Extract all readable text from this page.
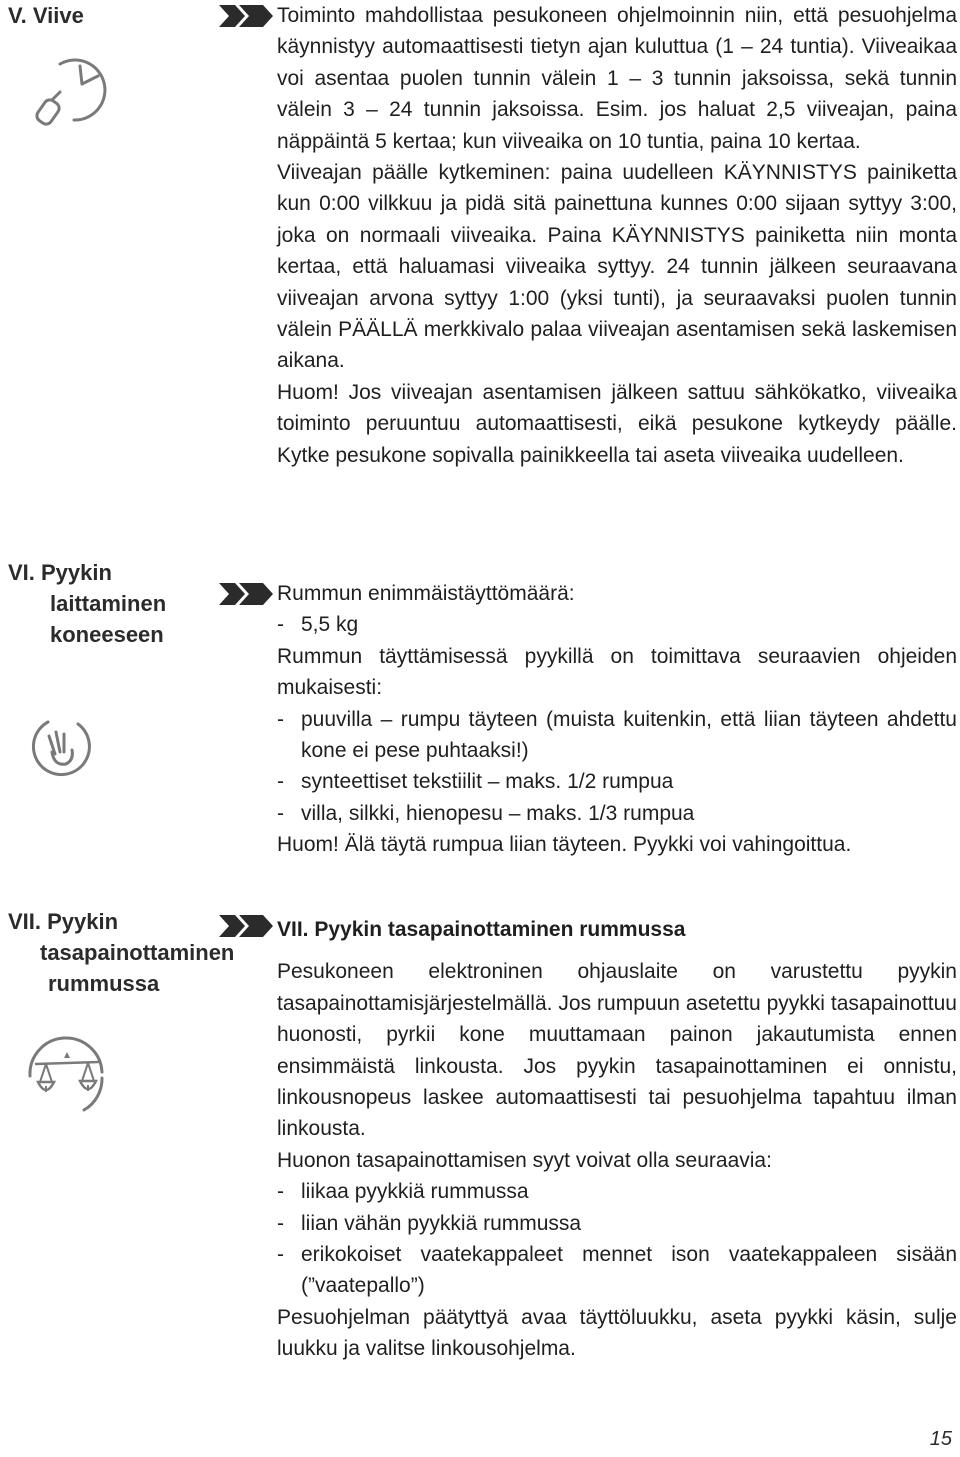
V. Viive	Toiminto mahdollistaa pesukoneen ohjelmoinnin niin, että pesuohjelma käynnistyy automaattisesti tietyn ajan kuluttua (1 – 24 tuntia). Viiveaikaa voi asentaa puolen tunnin välein 1 – 3 tunnin jaksoissa, sekä tunnin välein 3 – 24 tunnin jaksoissa. Esim. jos haluat 2,5 viiveajan, paina näppäintä 5 kertaa; kun viiveaika on 10 tuntia, paina 10 kertaa.

Viiveajan päälle kytkeminen: paina uudelleen KÄYNNISTYS painiketta kun 0:00 vilkkuu ja pidä sitä painettuna kunnes 0:00 sijaan syttyy 3:00, joka on normaali viiveaika. Paina KÄYNNISTYS painiketta niin monta kertaa, että haluamasi viiveaika syttyy. 24 tunnin jälkeen seuraavana viiveajan arvona syttyy 1:00 (yksi tunti), ja seuraavaksi puolen tunnin välein PÄÄLLÄ merkkivalo palaa viiveajan asentamisen sekä laskemisen aikana.

Huom! Jos viiveajan asentamisen jälkeen sattuu sähkökatko, viiveaika toiminto peruuntuu automaattisesti, eikä pesukone kytkeydy päälle. Kytke pesukone sopivalla painikkeella tai aseta viiveaika uudelleen.

VI. Pyykin
laittaminen
koneeseen

Rummun enimmäistäyttömäärä:

- 5,5 kg

Rummun täyttämisessä pyykillä on toimittava seuraavien ohjeiden mukaisesti:

- puuvilla – rumpu täyteen (muista kuitenkin, että liian täyteen ahdettu kone ei pese puhtaaksi!)
- synteettiset tekstiilit – maks. 1/2 rumpua
- villa, silkki, hienopesu – maks. 1/3 rumpua

Huom! Älä täytä rumpua liian täyteen. Pyykki voi vahingoittua.

VII. Pyykin
tasapainottaminen
rummussa

VII. Pyykin tasapainottaminen rummussa

Pesukoneen elektroninen ohjauslaite on varustettu pyykin tasapainottamisjärjestelmällä. Jos rumpuun asetettu pyykki tasapainottuu huonosti, pyrkii kone muuttamaan painon jakautumista ennen ensimmäistä linkousta. Jos pyykin tasapainottaminen ei onnistu, linkousnopeus laskee automaattisesti tai pesuohjelma tapahtuu ilman linkousta.

Huonon tasapainottamisen syyt voivat olla seuraavia:

- liikaa pyykkiä rummussa
- liian vähän pyykkiä rummussa
- erikokoiset vaatekappaleet mennet ison vaatekappaleen sisään (”vaatepallo”)

Pesuohjelman päätyttyä avaa täyttöluukku, aseta pyykki käsin, sulje luukku ja valitse linkousohjelma.

15
